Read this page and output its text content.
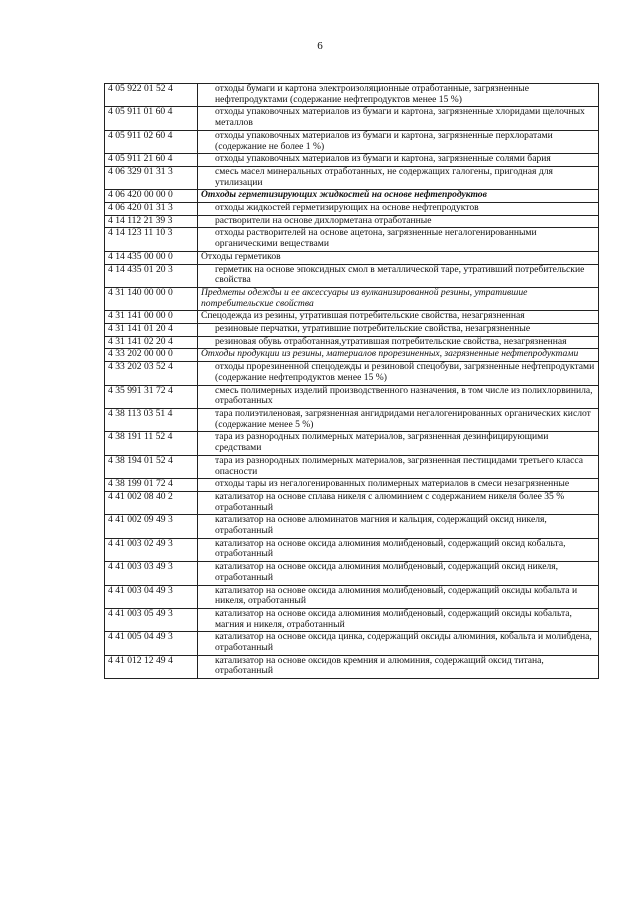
6
4 05 922 01 52 4	отходы бумаги и картона электроизоляционные отработанные, загрязненные нефтепродуктами (содержание нефтепродуктов менее 15 %)
4 05 911 01 60 4	отходы упаковочных материалов из бумаги и картона, загрязненные хлоридами щелочных металлов
4 05 911 02 60 4	отходы упаковочных материалов из бумаги и картона, загрязненные перхлоратами (содержание не более 1 %)
4 05 911 21 60 4	отходы упаковочных материалов из бумаги и картона, загрязненные солями бария
4 06 329 01 31 3	смесь масел минеральных отработанных, не содержащих галогены, пригодная для утилизации
4 06 420 00 00 0	Отходы герметизирующих жидкостей на основе нефтепродуктов
4 06 420 01 31 3	отходы жидкостей герметизирующих на основе нефтепродуктов
4 14 112 21 39 3	растворители на основе дихлорметана отработанные
4 14 123 11 10 3	отходы растворителей на основе ацетона, загрязненные негалогенированными органическими веществами
4 14 435 00 00 0	Отходы герметиков
4 14 435 01 20 3	герметик на основе эпоксидных смол в металлической таре, утративший потребительские свойства
4 31 140 00 00 0	Предметы одежды и ее аксессуары из вулканизированной резины, утратившие потребительские свойства
4 31 141 00 00 0	Спецодежда из резины, утратившая потребительские свойства, незагрязненная
4 31 141 01 20 4	резиновые перчатки, утратившие потребительские свойства, незагрязненные
4 31 141 02 20 4	резиновая обувь отработанная,утратившая потребительские свойства, незагрязненная
4 33 202 00 00 0	Отходы продукции из резины, материалов прорезиненных, загрязненные нефтепродуктами
4 33 202 03 52 4	отходы прорезиненной спецодежды и резиновой спецобуви, загрязненные нефтепродуктами (содержание нефтепродуктов менее 15 %)
4 35 991 31 72 4	смесь полимерных изделий производственного назначения, в том числе из полихлорвинила, отработанных
4 38 113 03 51 4	тара полиэтиленовая, загрязненная ангидридами негалогенированных органических кислот (содержание менее 5 %)
4 38 191 11 52 4	тара из разнородных полимерных материалов, загрязненная дезинфицирующими средствами
4 38 194 01 52 4	тара из разнородных полимерных материалов, загрязненная пестицидами третьего класса опасности
4 38 199 01 72 4	отходы тары из негалогенированных полимерных материалов в смеси незагрязненные
4 41 002 08 40 2	катализатор на основе сплава никеля с алюминием с содержанием никеля более 35 % отработанный
4 41 002 09 49 3	катализатор на основе алюминатов магния и кальция, содержащий оксид никеля, отработанный
4 41 003 02 49 3	катализатор на основе оксида алюминия молибденовый, содержащий оксид кобальта, отработанный
4 41 003 03 49 3	катализатор на основе оксида алюминия молибденовый, содержащий оксид никеля, отработанный
4 41 003 04 49 3	катализатор на основе оксида алюминия молибденовый, содержащий оксиды кобальта и никеля, отработанный
4 41 003 05 49 3	катализатор на основе оксида алюминия молибденовый, содержащий оксиды кобальта, магния и никеля, отработанный
4 41 005 04 49 3	катализатор на основе оксида цинка, содержащий оксиды алюминия, кобальта и молибдена, отработанный
4 41 012 12 49 4	катализатор на основе оксидов кремния и алюминия, содержащий оксид титана, отработанный
